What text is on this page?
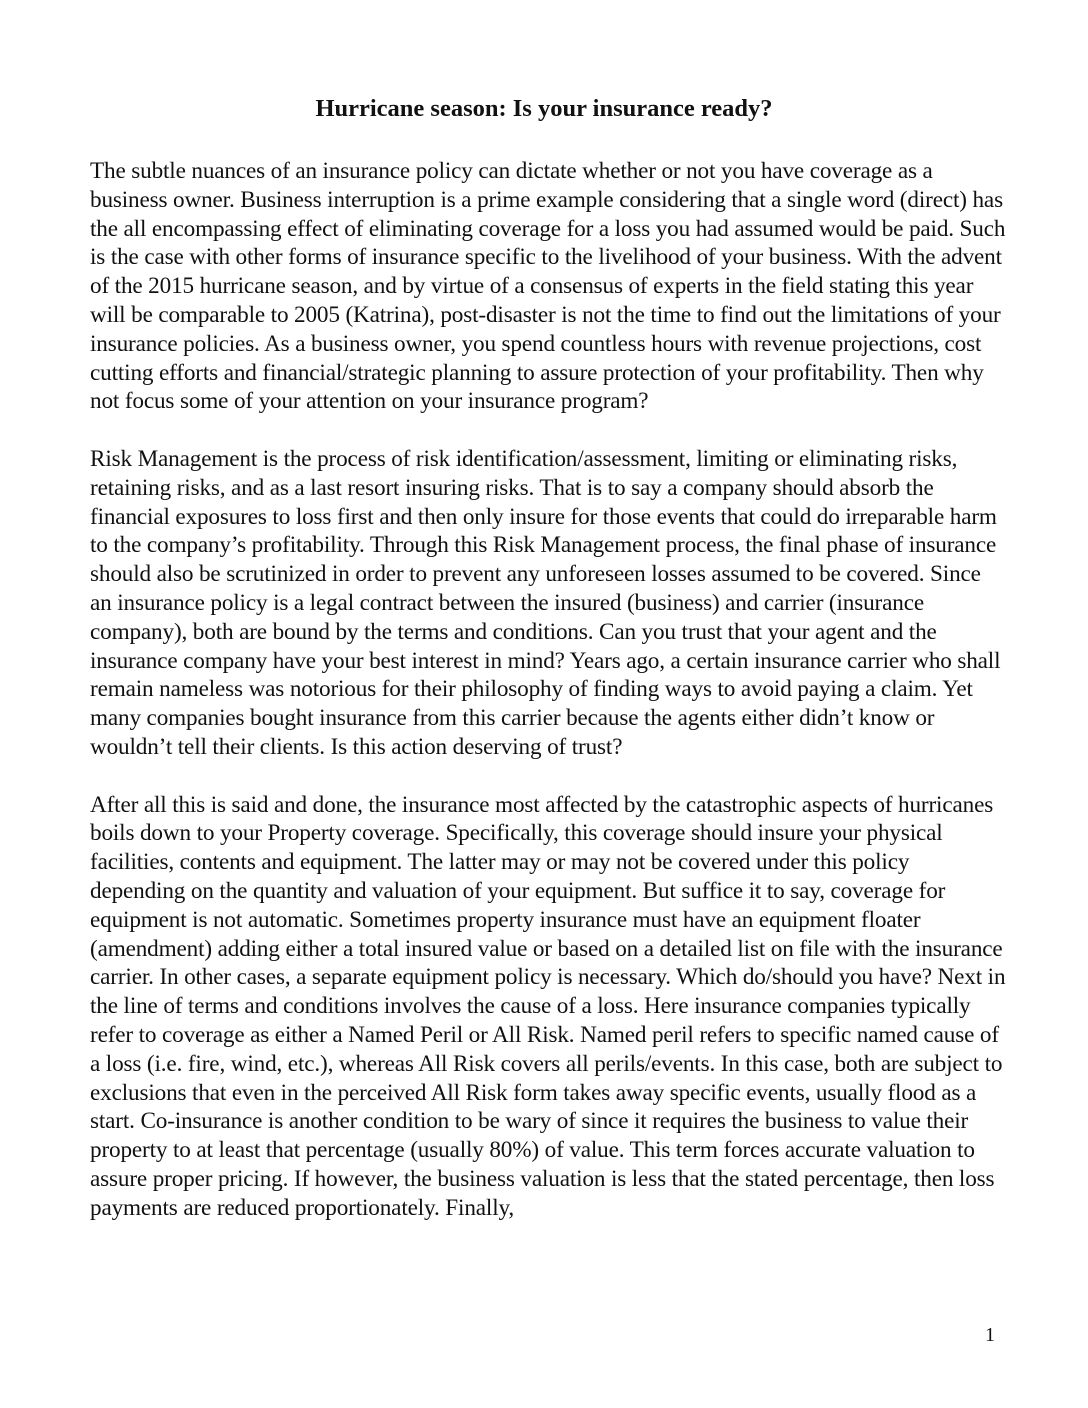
Hurricane season: Is your insurance ready?

The subtle nuances of an insurance policy can dictate whether or not you have coverage as a business owner. Business interruption is a prime example considering that a single word (direct) has the all encompassing effect of eliminating coverage for a loss you had assumed would be paid. Such is the case with other forms of insurance specific to the livelihood of your business. With the advent of the 2015 hurricane season, and by virtue of a consensus of experts in the field stating this year will be comparable to 2005 (Katrina), post-disaster is not the time to find out the limitations of your insurance policies. As a business owner, you spend countless hours with revenue projections, cost cutting efforts and financial/strategic planning to assure protection of your profitability. Then why not focus some of your attention on your insurance program?

Risk Management is the process of risk identification/assessment, limiting or eliminating risks, retaining risks, and as a last resort insuring risks. That is to say a company should absorb the financial exposures to loss first and then only insure for those events that could do irreparable harm to the company’s profitability. Through this Risk Management process, the final phase of insurance should also be scrutinized in order to prevent any unforeseen losses assumed to be covered. Since an insurance policy is a legal contract between the insured (business) and carrier (insurance company), both are bound by the terms and conditions. Can you trust that your agent and the insurance company have your best interest in mind? Years ago, a certain insurance carrier who shall remain nameless was notorious for their philosophy of finding ways to avoid paying a claim. Yet many companies bought insurance from this carrier because the agents either didn’t know or wouldn’t tell their clients. Is this action deserving of trust?

After all this is said and done, the insurance most affected by the catastrophic aspects of hurricanes boils down to your Property coverage. Specifically, this coverage should insure your physical facilities, contents and equipment. The latter may or may not be covered under this policy depending on the quantity and valuation of your equipment. But suffice it to say, coverage for equipment is not automatic. Sometimes property insurance must have an equipment floater (amendment) adding either a total insured value or based on a detailed list on file with the insurance carrier. In other cases, a separate equipment policy is necessary. Which do/should you have? Next in the line of terms and conditions involves the cause of a loss. Here insurance companies typically refer to coverage as either a Named Peril or All Risk. Named peril refers to specific named cause of a loss (i.e. fire, wind, etc.), whereas All Risk covers all perils/events. In this case, both are subject to exclusions that even in the perceived All Risk form takes away specific events, usually flood as a start. Co-insurance is another condition to be wary of since it requires the business to value their property to at least that percentage (usually 80%) of value. This term forces accurate valuation to assure proper pricing. If however, the business valuation is less that the stated percentage, then loss payments are reduced proportionately. Finally,

1
